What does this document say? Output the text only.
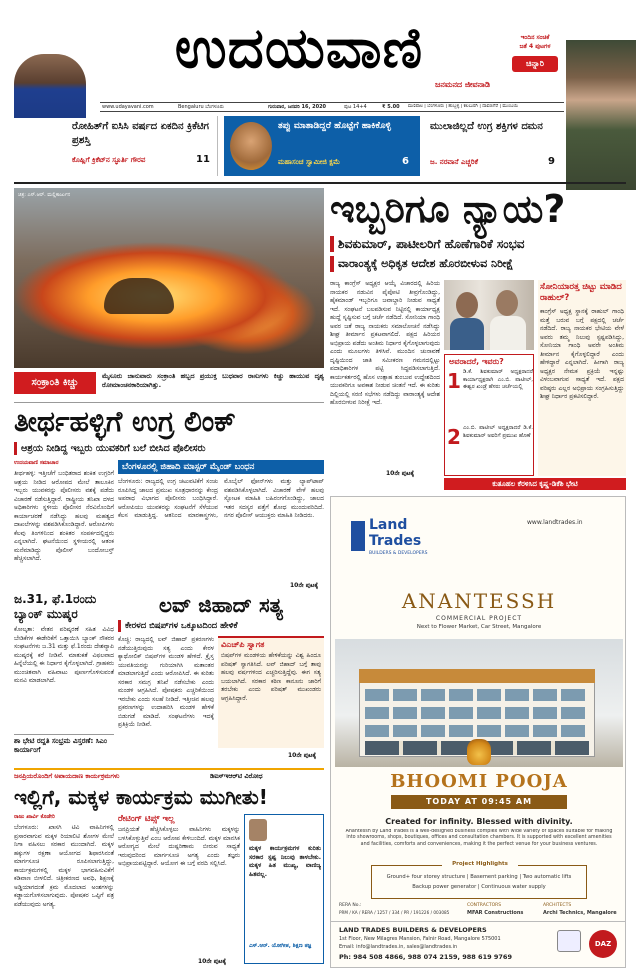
ಉದಯವಾಣಿ
ಜನಮನದ ಜೀವನಾಡಿ
ಇಂದಿನ ಸಂಚಿಕೆ
ಜತೆ 4 ಪುಟಗಳ
ಚಿನ್ನಾರಿ
www.udayavani.com	Bengaluru ಬೆಂಗಳೂರು	ಗುರುವಾರ, ಜನವರಿ 16, 2020	ಪುಟ 14+4	₹ 5.00 ಮಣಿಪಾಲ | ಬೆಂಗಳೂರು | ಹುಬ್ಬಳ್ಳಿ | ಕಲಬುರಗಿ | ದಾವಣಗೆರೆ | ಮುಂಬಯಿ
ರೋಹಿತ್‌ಗೆ ಐಸಿಸಿ ವರ್ಷದ ಏಕದಿನ ಕ್ರಿಕೆಟಿಗ ಪ್ರಶಸ್ತಿ
ಕೊಹ್ಲಿಗೆ ಕ್ರಿಕೆಟ್‌ನ ಸ್ಫೂರ್ತಿ ಗೌರವ	11
ತಪ್ಪು ಮಾತಾಡಿದ್ದರೆ ಹೊಟ್ಟೆಗೆ ಹಾಕಿಕೊಳ್ಳಿ
ಮಹಾಸಂಚ ಸ್ವಾಮೀಜಿ ಕ್ಷಮೆ	6
ಮುಲಾಜಿಲ್ಲದೆ ಉಗ್ರ ಶಕ್ತಿಗಳ ದಮನ
ಜ. ನರವಾನೆ ಎಚ್ಚರಿಕೆ	9
ಚಿತ್ರ: ಎಸ್.ಆರ್. ಮಲ್ಲಿಕಾರ್ಜುನ
ಸಂಕ್ರಾಂತಿ ಕಿಚ್ಚು
ಮೈಸೂರು ಜಾನುವಾರು ಸಂಕ್ರಾಂತಿ ಹಬ್ಬದ ಪ್ರಯುಕ್ತ ಬುಧವಾರ ರಾಸುಗಳು ಕಿಚ್ಚು ಹಾಯುವ ದೃಶ್ಯ ರೋಮಾಂಚನಕಾರಿಯಾಗಿತ್ತು.
ಇಬ್ಬರಿಗೂ ನ್ಯಾಯ?
ಶಿವಕುಮಾರ್, ಪಾಟೀಲರಿಗೆ ಹೊಣೆಗಾರಿಕೆ ಸಂಭವ
ವಾರಾಂತ್ಯಕ್ಕೆ ಅಧಿಕೃತ ಆದೇಶ ಹೊರಬೀಳುವ ನಿರೀಕ್ಷೆ
ರಾಜ್ಯ ಕಾಂಗ್ರೆಸ್ ಅಧ್ಯಕ್ಷರ ಆಯ್ಕೆ ವಿಚಾರದಲ್ಲಿ ಹಿರಿಯ ನಾಯಕರ ನಡುವಿನ ಪೈಪೋಟಿ ತೀವ್ರಗೊಂಡಿದ್ದು, ಹೈಕಮಾಂಡ್ ಇಬ್ಬರಿಗೂ ಜವಾಬ್ದಾರಿ ನೀಡುವ ಸಾಧ್ಯತೆ ಇದೆ. ಸಂಘಟನೆ ಬಲಪಡಿಸುವ ನಿಟ್ಟಿನಲ್ಲಿ ಕಾರ್ಯಾಧ್ಯಕ್ಷ ಹುದ್ದೆ ಸೃಷ್ಟಿಸುವ ಬಗ್ಗೆ ಚರ್ಚೆ ನಡೆದಿದೆ. ಸೋನಿಯಾ ಗಾಂಧಿ ಅವರ ಜತೆ ರಾಜ್ಯ ನಾಯಕರು ಸಮಾಲೋಚನೆ ನಡೆಸಿದ್ದು ಶೀಘ್ರ ತೀರ್ಮಾನ ಪ್ರಕಟವಾಗಲಿದೆ. ಪಕ್ಷದ ಹಿರಿಯರ ಅಭಿಪ್ರಾಯ ಪಡೆದು ಅಂತಿಮ ನಿರ್ಧಾರ ಕೈಗೊಳ್ಳಲಾಗುವುದು ಎಂದು ಮೂಲಗಳು ತಿಳಿಸಿವೆ. ಮುಂದಿನ ಚುನಾವಣೆ ದೃಷ್ಟಿಯಿಂದ ಜಾತಿ ಸಮೀಕರಣ ಗಮನದಲ್ಲಿಟ್ಟು ಪದಾಧಿಕಾರಿಗಳ ಪಟ್ಟಿ ಸಿದ್ಧಪಡಿಸಲಾಗುತ್ತಿದೆ. ಕಾರ್ಯಕರ್ತರಲ್ಲಿ ಹೊಸ ಉತ್ಸಾಹ ತುಂಬುವ ಉದ್ದೇಶದಿಂದ ಯುವಕರಿಗೂ ಅವಕಾಶ ನೀಡುವ ಚಿಂತನೆ ಇದೆ. ಈ ಕುರಿತು ದಿಲ್ಲಿಯಲ್ಲಿ ಸರಣಿ ಸಭೆಗಳು ನಡೆದಿದ್ದು ವಾರಾಂತ್ಯಕ್ಕೆ ಆದೇಶ ಹೊರಬೀಳುವ ನಿರೀಕ್ಷೆ ಇದೆ.
ಅವರಾದರೆ, ಇವರು?
1 ಡಿ.ಕೆ. ಶಿವಕುಮಾರ್ ಅಧ್ಯಕ್ಷರಾದರೆ ಕಾರ್ಯಾಧ್ಯಕ್ಷರಾಗಿ ಎಂ.ಬಿ. ಪಾಟೀಲ್, ಈಶ್ವರ ಖಂಡ್ರೆ ಹೆಸರು ಚರ್ಚೆಯಲ್ಲಿ
2 ಎಂ.ಬಿ. ಪಾಟೀಲ್ ಅಧ್ಯಕ್ಷರಾದರೆ ಡಿ.ಕೆ. ಶಿವಕುಮಾರ್ ಅವರಿಗೆ ಪ್ರಮುಖ ಹೊಣೆ
ಸೋನಿಯಾರತ್ತ ಚಿಟ್ಟು ಮಾಡಿದ ರಾಹುಲ್?
ಕಾಂಗ್ರೆಸ್ ಅಧ್ಯಕ್ಷ ಸ್ಥಾನಕ್ಕೆ ರಾಹುಲ್ ಗಾಂಧಿ ಮತ್ತೆ ಬರುವ ಬಗ್ಗೆ ಪಕ್ಷದಲ್ಲಿ ಚರ್ಚೆ ನಡೆದಿದೆ. ರಾಜ್ಯ ನಾಯಕರ ಭೇಟಿಯ ವೇಳೆ ಅವರು ತಮ್ಮ ನಿಲುವು ಸ್ಪಷ್ಟಪಡಿಸಿದ್ದು, ಸೋನಿಯಾ ಗಾಂಧಿ ಅವರೇ ಅಂತಿಮ ತೀರ್ಮಾನ ಕೈಗೊಳ್ಳಲಿದ್ದಾರೆ ಎಂದು ಹೇಳಿದ್ದಾರೆ ಎನ್ನಲಾಗಿದೆ. ಹೀಗಾಗಿ ರಾಜ್ಯ ಅಧ್ಯಕ್ಷರ ನೇಮಕ ಪ್ರಕ್ರಿಯೆ ಇನ್ನಷ್ಟು ವಿಳಂಬವಾಗುವ ಸಾಧ್ಯತೆ ಇದೆ. ಪಕ್ಷದ ವರಿಷ್ಠರು ಎಲ್ಲರ ಅಭಿಪ್ರಾಯ ಸಂಗ್ರಹಿಸುತ್ತಿದ್ದು ಶೀಘ್ರ ನಿರ್ಧಾರ ಪ್ರಕಟಿಸಲಿದ್ದಾರೆ.
10ನೇ ಪುಟಕ್ಕೆ
ಕುತೂಹಲ ಕೆರಳಿಸಿದ ಕೃಷ್ಣ-ಡಿಕೆಶಿ ಭೇಟಿ
ತೀರ್ಥಹಳ್ಳಿಗೆ ಉಗ್ರ ಲಿಂಕ್
ಆಶ್ರಯ ನೀಡಿದ್ದ ಇಬ್ಬರು ಯುವಕರಿಗೆ ಬಲೆ ಬೀಸಿದ ಪೊಲೀಸರು
ಉದಯವಾಣಿ ಸಮಾಚಾರ
ತೀರ್ಥಹಳ್ಳಿ: ಇತ್ತೀಚೆಗೆ ಬಂಧಿತರಾದ ಶಂಕಿತ ಉಗ್ರರಿಗೆ ಆಶ್ರಯ ನೀಡಿದ ಆರೋಪದ ಮೇಲೆ ತಾಲೂಕಿನ ಇಬ್ಬರು ಯುವಕರನ್ನು ಪೊಲೀಸರು ವಶಕ್ಕೆ ಪಡೆದು ವಿಚಾರಣೆ ನಡೆಸುತ್ತಿದ್ದಾರೆ. ರಾಷ್ಟ್ರೀಯ ತನಿಖಾ ದಳದ ಅಧಿಕಾರಿಗಳು ಸ್ಥಳೀಯ ಪೊಲೀಸರ ನೆರವಿನೊಂದಿಗೆ ಕಾರ್ಯಾಚರಣೆ ನಡೆಸಿದ್ದು ಹಲವು ಮಹತ್ವದ ದಾಖಲೆಗಳನ್ನು ವಶಪಡಿಸಿಕೊಂಡಿದ್ದಾರೆ. ಆರೋಪಿಗಳು ಕೆಲವು ತಿಂಗಳಿನಿಂದ ಶಂಕಿತರ ಸಂಪರ್ಕದಲ್ಲಿದ್ದರು ಎನ್ನಲಾಗಿದೆ. ಘಟನೆಯಿಂದ ಸ್ಥಳೀಯರಲ್ಲಿ ಆತಂಕ ಮನೆಮಾಡಿದ್ದು ಪೊಲೀಸ್ ಬಂದೋಬಸ್ತ್ ಹೆಚ್ಚಿಸಲಾಗಿದೆ.
ಬೆಂಗಳೂರಲ್ಲಿ ಜಿಹಾದಿ ಮಾಸ್ಟರ್ ಮೈಂಡ್ ಬಂಧನ
ಬೆಂಗಳೂರು: ರಾಜ್ಯದಲ್ಲಿ ಉಗ್ರ ಚಟುವಟಿಕೆಗೆ ಸಂಚು ರೂಪಿಸಿದ್ದ ಜಾಲದ ಪ್ರಮುಖ ಸೂತ್ರಧಾರನನ್ನು ಕೇಂದ್ರ ಅಪರಾಧ ವಿಭಾಗದ ಪೊಲೀಸರು ಬಂಧಿಸಿದ್ದಾರೆ. ಆರೋಪಿಯು ಯುವಕರನ್ನು ಸಂಘಟನೆಗೆ ಸೆಳೆಯುವ ಕೆಲಸ ಮಾಡುತ್ತಿದ್ದ. ಆತನಿಂದ ಮಾರಕಾಸ್ತ್ರಗಳು, ಮೊಬೈಲ್ ಫೋನ್‌ಗಳು ಮತ್ತು ಲ್ಯಾಪ್‌ಟಾಪ್ ವಶಪಡಿಸಿಕೊಳ್ಳಲಾಗಿದೆ. ವಿಚಾರಣೆ ವೇಳೆ ಹಲವು ಸ್ಫೋಟಕ ಮಾಹಿತಿ ಬಹಿರಂಗಗೊಂಡಿದ್ದು, ಜಾಲದ ಇತರ ಸದಸ್ಯರ ಪತ್ತೆಗೆ ಶೋಧ ಮುಂದುವರಿದಿದೆ. ನಗರ ಪೊಲೀಸ್ ಆಯುಕ್ತರು ಮಾಹಿತಿ ನೀಡಿದರು.
10ನೇ ಪುಟಕ್ಕೆ
ಜ.31, ಫೆ.1ರಂದು ಬ್ಯಾಂಕ್ ಮುಷ್ಕರ
ಕೋಲ್ಕತಾ: ವೇತನ ಪರಿಷ್ಕರಣೆ ಸಹಿತ ವಿವಿಧ ಬೇಡಿಕೆಗಳ ಈಡೇರಿಕೆಗೆ ಒತ್ತಾಯಿಸಿ ಬ್ಯಾಂಕ್ ನೌಕರರ ಸಂಘಟನೆಗಳು ಜ.31 ಮತ್ತು ಫೆ.1ರಂದು ದೇಶವ್ಯಾಪಿ ಮುಷ್ಕರಕ್ಕೆ ಕರೆ ನೀಡಿವೆ. ಮಾತುಕತೆ ವಿಫಲವಾದ ಹಿನ್ನೆಲೆಯಲ್ಲಿ ಈ ನಿರ್ಧಾರ ಕೈಗೊಳ್ಳಲಾಗಿದೆ. ಗ್ರಾಹಕರು ಮುಂಚಿತವಾಗಿ ವಹಿವಾಟು ಪೂರ್ಣಗೊಳಿಸುವಂತೆ ಮನವಿ ಮಾಡಲಾಗಿದೆ.
ಶಾ ಭೇಟಿ ರದ್ದತಿ ಸಂಭ್ರಮ ವಿಸ್ತರಣೆ: ಸಿಎಂ ಕಾರ್ಯಾಂಗೆ
ಲವ್ ಜಿಹಾದ್ ಸತ್ಯ
ಕೇರಳದ ಬಿಷಪ್‌ಗಳ ಒಕ್ಕೂಟದಿಂದ ಹೇಳಿಕೆ
ಕೊಚ್ಚಿ: ರಾಜ್ಯದಲ್ಲಿ ಲವ್ ಜಿಹಾದ್ ಪ್ರಕರಣಗಳು ನಡೆಯುತ್ತಿರುವುದು ಸತ್ಯ ಎಂದು ಕೇರಳ ಕ್ಯಾಥೋಲಿಕ್ ಬಿಷಪ್‌ಗಳ ಮಂಡಳಿ ಹೇಳಿದೆ. ಕ್ರೈಸ್ತ ಯುವತಿಯರನ್ನು ಗುರಿಯಾಗಿಸಿ ಮತಾಂತರ ಮಾಡಲಾಗುತ್ತಿದೆ ಎಂದು ಆರೋಪಿಸಿದೆ. ಈ ಕುರಿತು ಸರಕಾರ ಸಮಗ್ರ ತನಿಖೆ ನಡೆಸಬೇಕು ಎಂದು ಮಂಡಳಿ ಆಗ್ರಹಿಸಿದೆ. ಪೋಷಕರು ಎಚ್ಚರಿಕೆಯಿಂದ ಇರಬೇಕು ಎಂದು ಸಲಹೆ ನೀಡಿದೆ. ಇತ್ತೀಚಿನ ಹಲವು ಪ್ರಕರಣಗಳನ್ನು ಉದಾಹರಿಸಿ ಮಂಡಳಿ ಹೇಳಿಕೆ ಬಿಡುಗಡೆ ಮಾಡಿದೆ. ಸಂಘಟನೆಗಳು ಇದಕ್ಕೆ ಪ್ರತಿಕ್ರಿಯೆ ನೀಡಿವೆ.
ವಿಎಚ್‌ಪಿ ಸ್ವಾಗತ
ಬಿಷಪ್‌ಗಳ ಮಂಡಳಿಯ ಹೇಳಿಕೆಯನ್ನು ವಿಶ್ವ ಹಿಂದೂ ಪರಿಷತ್ ಸ್ವಾಗತಿಸಿದೆ. ಲವ್ ಜಿಹಾದ್ ಬಗ್ಗೆ ತಾವು ಹಲವು ವರ್ಷಗಳಿಂದ ಎಚ್ಚರಿಸುತ್ತಿದ್ದೆವು. ಈಗ ಸತ್ಯ ಬಯಲಾಗಿದೆ. ಸರಕಾರ ಕಠಿಣ ಕಾನೂನು ಜಾರಿಗೆ ತರಬೇಕು ಎಂದು ಪರಿಷತ್ ಮುಖಂಡರು ಆಗ್ರಹಿಸಿದ್ದಾರೆ.
10ನೇ ಪುಟಕ್ಕೆ
ಜನಪ್ರಿಯರೊಂದಿಗೆ ಅಪಾಯದಾಣ ಕಾರ್ಯಕ್ರಮಗಳು	ಡಿಐಸ್‌ಇಆರ್‌ಟಿ ವಿರೋಧ
ಇಲ್ಲಿಗೆ, ಮಕ್ಕಳ ಕಾರ್ಯಕ್ರಮ ಮುಗೀತು!
ರಾಜು ಖಾರ್ವಿ ಕೊಡೇರಿ
ಬೆಂಗಳೂರು: ಖಾಸಗಿ ಟಿವಿ ವಾಹಿನಿಗಳಲ್ಲಿ ಪ್ರಸಾರವಾಗುವ ಮಕ್ಕಳ ರಿಯಾಲಿಟಿ ಶೋಗಳ ಮೇಲೆ ನಿಗಾ ವಹಿಸಲು ಸರಕಾರ ಮುಂದಾಗಿದೆ. ಮಕ್ಕಳ ಹಕ್ಕುಗಳ ರಕ್ಷಣಾ ಆಯೋಗದ ಶಿಫಾರಸಿನಂತೆ ಮಾರ್ಗಸೂಚಿ ರೂಪಿಸಲಾಗುತ್ತಿದ್ದು, ಕಾರ್ಯಕ್ರಮಗಳಲ್ಲಿ ಮಕ್ಕಳ ಭಾಗವಹಿಸುವಿಕೆಗೆ ಕಡಿವಾಣ ಬೀಳಲಿದೆ. ಚಿತ್ರೀಕರಣದ ಅವಧಿ, ಶಿಕ್ಷಣಕ್ಕೆ ಅಡ್ಡಿಯಾಗದಂತೆ ಕ್ರಮ ಮೊದಲಾದ ಅಂಶಗಳನ್ನು ಕಡ್ಡಾಯಗೊಳಿಸಲಾಗುವುದು. ಪೋಷಕರ ಒಪ್ಪಿಗೆ ಪತ್ರ ಪಡೆಯುವುದು ಅಗತ್ಯ.
ರೇಟಿಂಗ್ ಟಿಪ್ಸ್ ಇಲ್ಲ
ಜನಪ್ರಿಯತೆ ಹೆಚ್ಚಿಸಿಕೊಳ್ಳಲು ವಾಹಿನಿಗಳು ಮಕ್ಕಳನ್ನು ಬಳಸಿಕೊಳ್ಳುತ್ತಿವೆ ಎಂಬ ಆರೋಪ ಕೇಳಿಬಂದಿದೆ. ಮಕ್ಕಳ ಮಾನಸಿಕ ಆರೋಗ್ಯದ ಮೇಲೆ ದುಷ್ಪರಿಣಾಮ ಬೀರುವ ಸಾಧ್ಯತೆ ಇರುವುದರಿಂದ ಮಾರ್ಗಸೂಚಿ ಅಗತ್ಯ ಎಂದು ತಜ್ಞರು ಅಭಿಪ್ರಾಯಪಟ್ಟಿದ್ದಾರೆ. ಆಯೋಗ ಈ ಬಗ್ಗೆ ವರದಿ ಸಲ್ಲಿಸಿದೆ.
ಮಕ್ಕಳ ಕಾರ್ಯಕ್ರಮಗಳ ಕುರಿತು ಸರಕಾರ ಸ್ಪಷ್ಟ ನಿಲುವು ತಾಳಬೇಕು. ಮಕ್ಕಳ ಹಿತ ಮುಖ್ಯ, ವಾಣಿಜ್ಯ ಹಿತವಲ್ಲ.
ಎಸ್.ಆರ್. ಯೋಗೀಶ, ಶಿಕ್ಷಣ ತಜ್ಞ
10ನೇ ಪುಟಕ್ಕೆ
Land
Trades
BUILDERS & DEVELOPERS
www.landtrades.in
ANANTESSH
COMMERCIAL PROJECT
Next to Flower Market, Car Street, Mangalore
BHOOMI POOJA
TODAY AT 09:45 AM
Created for infinity. Blessed with divinity.
Anantessh by Land Trades is a well-designed business complex with wide variety of spaces suitable for making into showrooms, shops, boutiques, offices and consultation chambers. It is supported with excellent amenities and facilities, comforts and conveniences, making it the perfect venue for your business ventures.
Project Highlights
Ground+ four storey structure | Basement parking | Two automatic lifts
Backup power generator | Continuous water supply
RERA No.:
PRM / KA / RERA / 1257 / 334 / PR / 191226 / 003085
CONTRACTORS
MFAR Constructions
ARCHITECTS
Archi Technics, Mangalore
LAND TRADES BUILDERS & DEVELOPERS
1st Floor, New Milagres Mansion, Falnir Road, Mangalore 575001
Email: info@landtrades.in, sales@landtrades.in
Ph: 984 508 4866, 988 074 2159, 988 619 9769
DAZ
